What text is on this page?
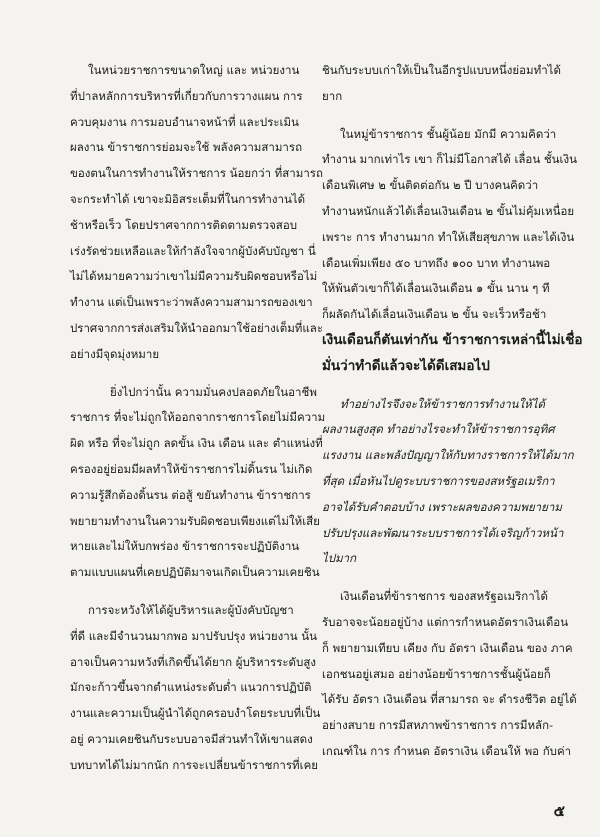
ในหน่วยราชการขนาดใหญ่ และ หน่วยงาน
ที่ปาลหลักการบริหารที่เกี่ยวกับการวางแผน การ
ควบคุมงาน การมอบอำนาจหน้าที่ และประเมิน
ผลงาน ข้าราชการย่อมจะใช้ พลังความสามารถ
ของตนในการทำงานให้ราชการ น้อยกว่า ที่สามารถ
จะกระทำได้ เขาจะมิอิสระเต็มที่ในการทำงานได้
ช้าหรือเร็ว โดยปราศจากการติดตามตรวจสอบ
เร่งรัดช่วยเหลือและให้กำลังใจจากผู้บังคับบัญชา นี่
ไม่ได้หมายความว่าเขาไม่มีความรับผิดชอบหรือไม่
ทำงาน แต่เป็นเพราะว่าพลังความสามารถของเขา
ปราศจากการส่งเสริมให้นำออกมาใช้อย่างเต็มที่และ
อย่างมีจุดมุ่งหมาย
ยิ่งไปกว่านั้น ความมั่นคงปลอดภัยในอาชีพ
ราชการ ที่จะไม่ถูกให้ออกจากราชการโดยไม่มีความ
ผิด หรือ ที่จะไม่ถูก ลดขั้น เงิน เดือน และ ตำแหน่งที่
ครองอยู่ย่อมมีผลทำให้ข้าราชการไม่ดิ้นรน ไม่เกิด
ความรู้สึกต้องดิ้นรน ต่อสู้ ขยันทำงาน ข้าราชการ
พยายามทำงานในความรับผิดชอบเพียงแต่ไม่ให้เสีย
หายและไม่ให้บกพร่อง ข้าราชการจะปฏิบัติงาน
ตามแบบแผนที่เคยปฏิบัติมาจนเกิดเป็นความเคยชิน
การจะหวังให้ได้ผู้บริหารและผู้บังคับบัญชา
ที่ดี และมีจำนวนมากพอ มาปรับปรุง หน่วยงาน นั้น
อาจเป็นความหวังที่เกิดขึ้นได้ยาก ผู้บริหารระดับสูง
มักจะก้าวขึ้นจากตำแหน่งระดับต่ำ แนวการปฏิบัติ
งานและความเป็นผู้นำได้ถูกครอบงำโดยระบบที่เป็น
อยู่ ความเคยชินกับระบบอาจมีส่วนทำให้เขาแสดง
บทบาทได้ไม่มากนัก การจะเปลี่ยนข้าราชการที่เคย
ชินกับระบบเก่าให้เป็นในอีกรูปแบบหนึ่งย่อมทำได้
ยาก
ในหมู่ข้าราชการ ชั้นผู้น้อย มักมี ความคิดว่า
ทำงาน มากเท่าไร เขา ก็ไม่มีโอกาสได้ เลื่อน ชั้นเงิน
เดือนพิเศษ ๒ ขั้นติดต่อกัน ๒ ปี บางคนคิดว่า
ทำงานหนักแล้วได้เลื่อนเงินเดือน ๒ ขั้นไม่คุ้มเหนื่อย
เพราะ การ ทำงานมาก ทำให้เสียสุขภาพ และได้เงิน
เดือนเพิ่มเพียง ๕๐ บาทถึง ๑๐๐ บาท ทำงานพอ
ให้พ้นตัวเขาก็ได้เลื่อนเงินเดือน ๑ ขั้น นาน ๆ ที
ก็ผลัดกันได้เลื่อนเงินเดือน ๒ ขั้น จะเร็วหรือช้า
เงินเดือนก็ตันเท่ากัน ข้าราชการเหล่านี้ไม่เชื่อ
มั่นว่าทำดีแล้วจะได้ดีเสมอไป
ทำอย่างไรจึงจะให้ข้าราชการทำงานให้ได้
ผลงานสูงสุด ทำอย่างไรจะทำให้ข้าราชการอุทิศ
แรงงาน และพลังปัญญาให้กับทางราชการให้ได้มาก
ที่สุด เมื่อหันไปดูระบบราชการของสหรัฐอเมริกา
อาจได้รับคำตอบบ้าง เพราะผลของความพยายาม
ปรับปรุงและพัฒนาระบบราชการได้เจริญก้าวหน้า
ไปมาก
เงินเดือนที่ข้าราชการ ของสหรัฐอเมริกาได้
รับอาจจะน้อยอยู่บ้าง แต่การกำหนดอัตราเงินเดือน
ก็ พยายามเทียบ เคียง กับ อัตรา เงินเดือน ของ ภาค
เอกชนอยู่เสมอ อย่างน้อยข้าราชการชั้นผู้น้อยก็
ได้รับ อัตรา เงินเดือน ที่สามารถ จะ ดำรงชีวิต อยู่ได้
อย่างสบาย การมีสหภาพข้าราชการ การมีหลัก-
เกณฑ์ใน การ กำหนด อัตราเงิน เดือนให้ พอ กับค่า
๕
